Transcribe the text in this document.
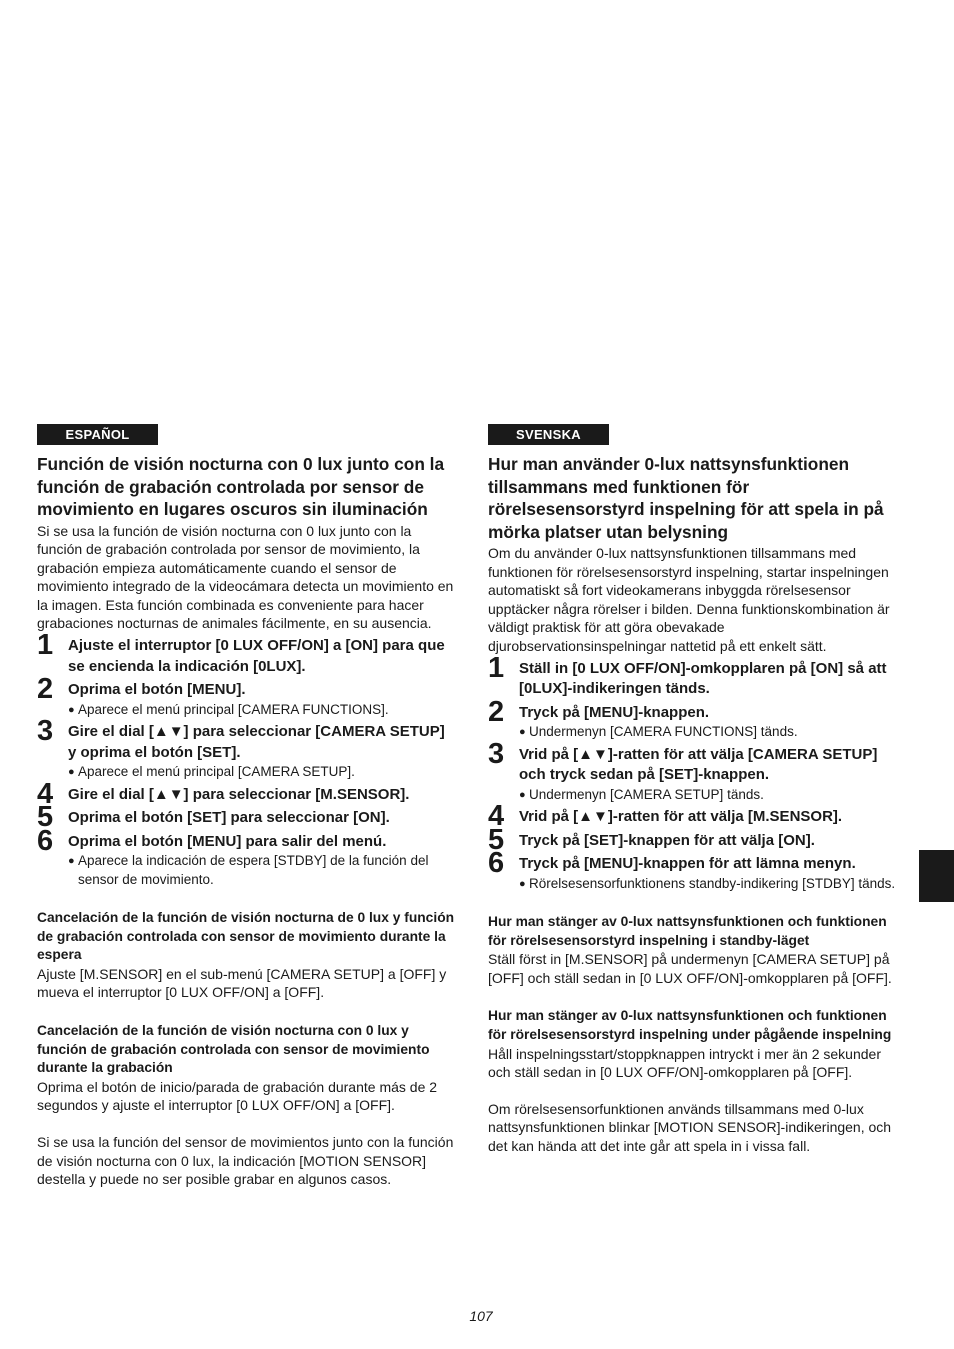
ESPAÑOL
Función de visión nocturna con 0 lux junto con la función de grabación controlada por sensor de movimiento en lugares oscuros sin iluminación
Si se usa la función de visión nocturna con 0 lux junto con la función de grabación controlada por sensor de movimiento, la grabación empieza automáticamente cuando el sensor de movimiento integrado de la videocámara detecta un movimiento en la imagen. Esta función combinada es conveniente para hacer grabaciones nocturnas de animales fácilmente, en su ausencia.
1 Ajuste el interruptor [0 LUX OFF/ON] a [ON] para que se encienda la indicación [0LUX].
2 Oprima el botón [MENU].
● Aparece el menú principal [CAMERA FUNCTIONS].
3 Gire el dial [▲▼] para seleccionar [CAMERA SETUP] y oprima el botón [SET].
● Aparece el menú principal [CAMERA SETUP].
4 Gire el dial [▲▼] para seleccionar [M.SENSOR].
5 Oprima el botón [SET] para seleccionar [ON].
6 Oprima el botón [MENU] para salir del menú.
● Aparece la indicación de espera [STDBY] de la función del sensor de movimiento.
Cancelación de la función de visión nocturna de 0 lux y función de grabación controlada con sensor de movimiento durante la espera
Ajuste [M.SENSOR] en el sub-menú [CAMERA SETUP] a [OFF] y mueva el interruptor [0 LUX OFF/ON] a [OFF].
Cancelación de la función de visión nocturna con 0 lux y función de grabación controlada con sensor de movimiento durante la grabación
Oprima el botón de inicio/parada de grabación durante más de 2 segundos y ajuste el interruptor [0 LUX OFF/ON] a [OFF].
Si se usa la función del sensor de movimientos junto con la función de visión nocturna con 0 lux, la indicación [MOTION SENSOR] destella y puede no ser posible grabar en algunos casos.
SVENSKA
Hur man använder 0-lux nattsynsfunktionen tillsammans med funktionen för rörelsesensorstyrd inspelning för att spela in på mörka platser utan belysning
Om du använder 0-lux nattsynsfunktionen tillsammans med funktionen för rörelsesensorstyrd inspelning, startar inspelningen automatiskt så fort videokamerans inbyggda rörelsesensor upptäcker några rörelser i bilden. Denna funktionskombination är väldigt praktisk för att göra obevakade djurobservationsinspelningar nattetid på ett enkelt sätt.
1 Ställ in [0 LUX OFF/ON]-omkopplaren på [ON] så att [0LUX]-indikeringen tänds.
2 Tryck på [MENU]-knappen.
● Undermenyn [CAMERA FUNCTIONS] tänds.
3 Vrid på [▲▼]-ratten för att välja [CAMERA SETUP] och tryck sedan på [SET]-knappen.
● Undermenyn [CAMERA SETUP] tänds.
4 Vrid på [▲▼]-ratten för att välja [M.SENSOR].
5 Tryck på [SET]-knappen för att välja [ON].
6 Tryck på [MENU]-knappen för att lämna menyn.
● Rörelsesensorfunktionens standby-indikering [STDBY] tänds.
Hur man stänger av 0-lux nattsynsfunktionen och funktionen för rörelsesensorstyrd inspelning i standby-läget
Ställ först in [M.SENSOR] på undermenyn [CAMERA SETUP] på [OFF] och ställ sedan in [0 LUX OFF/ON]-omkopplaren på [OFF].
Hur man stänger av 0-lux nattsynsfunktionen och funktionen för rörelsesensorstyrd inspelning under pågående inspelning
Håll inspelningsstart/stoppknappen intryckt i mer än 2 sekunder och ställ sedan in [0 LUX OFF/ON]-omkopplaren på [OFF].
Om rörelsesensorfunktionen används tillsammans med 0-lux nattsynsfunktionen blinkar [MOTION SENSOR]-indikeringen, och det kan hända att det inte går att spela in i vissa fall.
107
